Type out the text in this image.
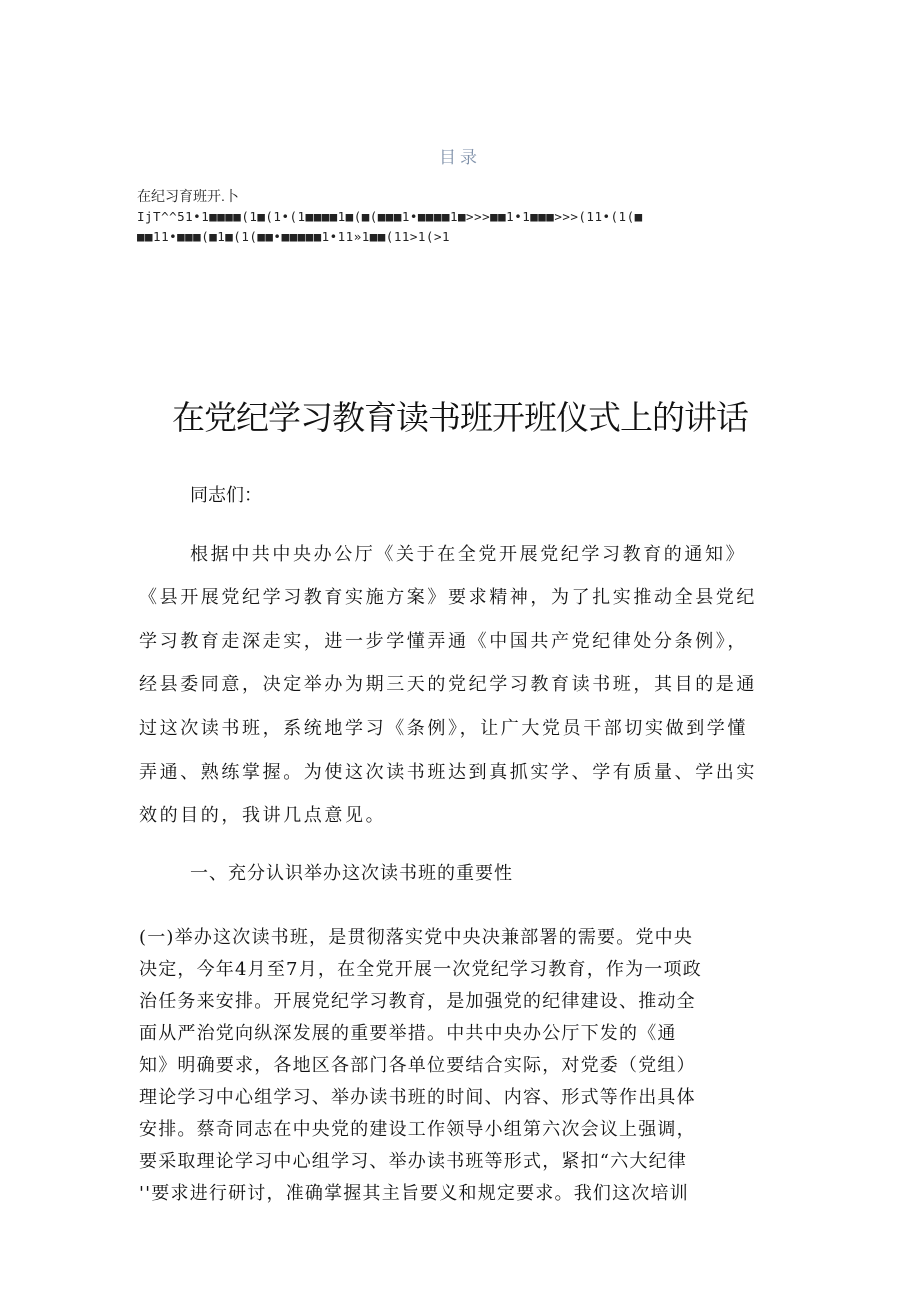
目录
在纪习育班开.卜
IjT^^51•1■■■■(1■(1•(1■■■■1■(■(■■■1•■■■■1■>>>■■1•1■■■>>>(11•(1(■
■■11•■■■(■1■(1(■■•■■■■■1•11»1■■(11>1(>1
在党纪学习教育读书班开班仪式上的讲话
同志们：
根据中共中央办公厅《关于在全党开展党纪学习教育的通知》
《县开展党纪学习教育实施方案》要求精神，为了扎实推动全县党纪
学习教育走深走实，进一步学懂弄通《中国共产党纪律处分条例》，
经县委同意，决定举办为期三天的党纪学习教育读书班，其目的是通
过这次读书班，系统地学习《条例》，让广大党员干部切实做到学懂
弄通、熟练掌握。为使这次读书班达到真抓实学、学有质量、学出实
效的目的，我讲几点意见。
一、充分认识举办这次读书班的重要性
(一)举办这次读书班，是贯彻落实党中央决兼部署的需要。党中央
决定，今年4月至7月，在全党开展一次党纪学习教育，作为一项政
治任务来安排。开展党纪学习教育，是加强党的纪律建设、推动全
面从严治党向纵深发展的重要举措。中共中央办公厅下发的《通
知》明确要求，各地区各部门各单位要结合实际，对党委（党组）
理论学习中心组学习、举办读书班的时间、内容、形式等作出具体
安排。蔡奇同志在中央党的建设工作领导小组第六次会议上强调，
要采取理论学习中心组学习、举办读书班等形式，紧扣“六大纪律
''要求进行研讨，准确掌握其主旨要义和规定要求。我们这次培训
